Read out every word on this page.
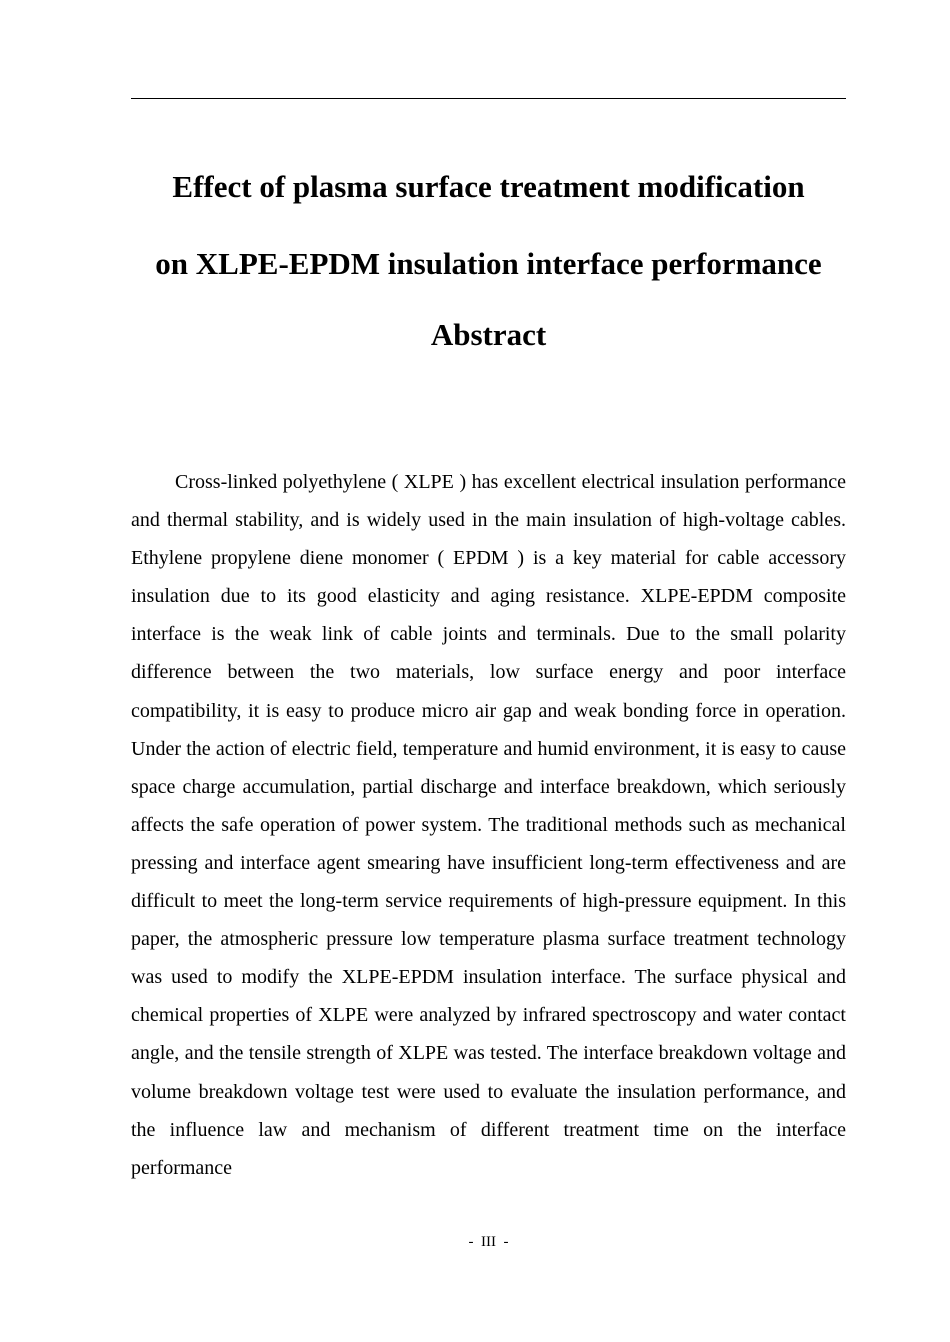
Effect of plasma surface treatment modification
on XLPE-EPDM insulation interface performance
Abstract

Cross-linked polyethylene ( XLPE ) has excellent electrical insulation performance and thermal stability, and is widely used in the main insulation of high-voltage cables. Ethylene propylene diene monomer ( EPDM ) is a key material for cable accessory insulation due to its good elasticity and aging resistance. XLPE-EPDM composite interface is the weak link of cable joints and terminals. Due to the small polarity difference between the two materials, low surface energy and poor interface compatibility, it is easy to produce micro air gap and weak bonding force in operation. Under the action of electric field, temperature and humid environment, it is easy to cause space charge accumulation, partial discharge and interface breakdown, which seriously affects the safe operation of power system. The traditional methods such as mechanical pressing and interface agent smearing have insufficient long-term effectiveness and are difficult to meet the long-term service requirements of high-pressure equipment. In this paper, the atmospheric pressure low temperature plasma surface treatment technology was used to modify the XLPE-EPDM insulation interface. The surface physical and chemical properties of XLPE were analyzed by infrared spectroscopy and water contact angle, and the tensile strength of XLPE was tested. The interface breakdown voltage and volume breakdown voltage test were used to evaluate the insulation performance, and the influence law and mechanism of different treatment time on the interface performance

-  III  -
